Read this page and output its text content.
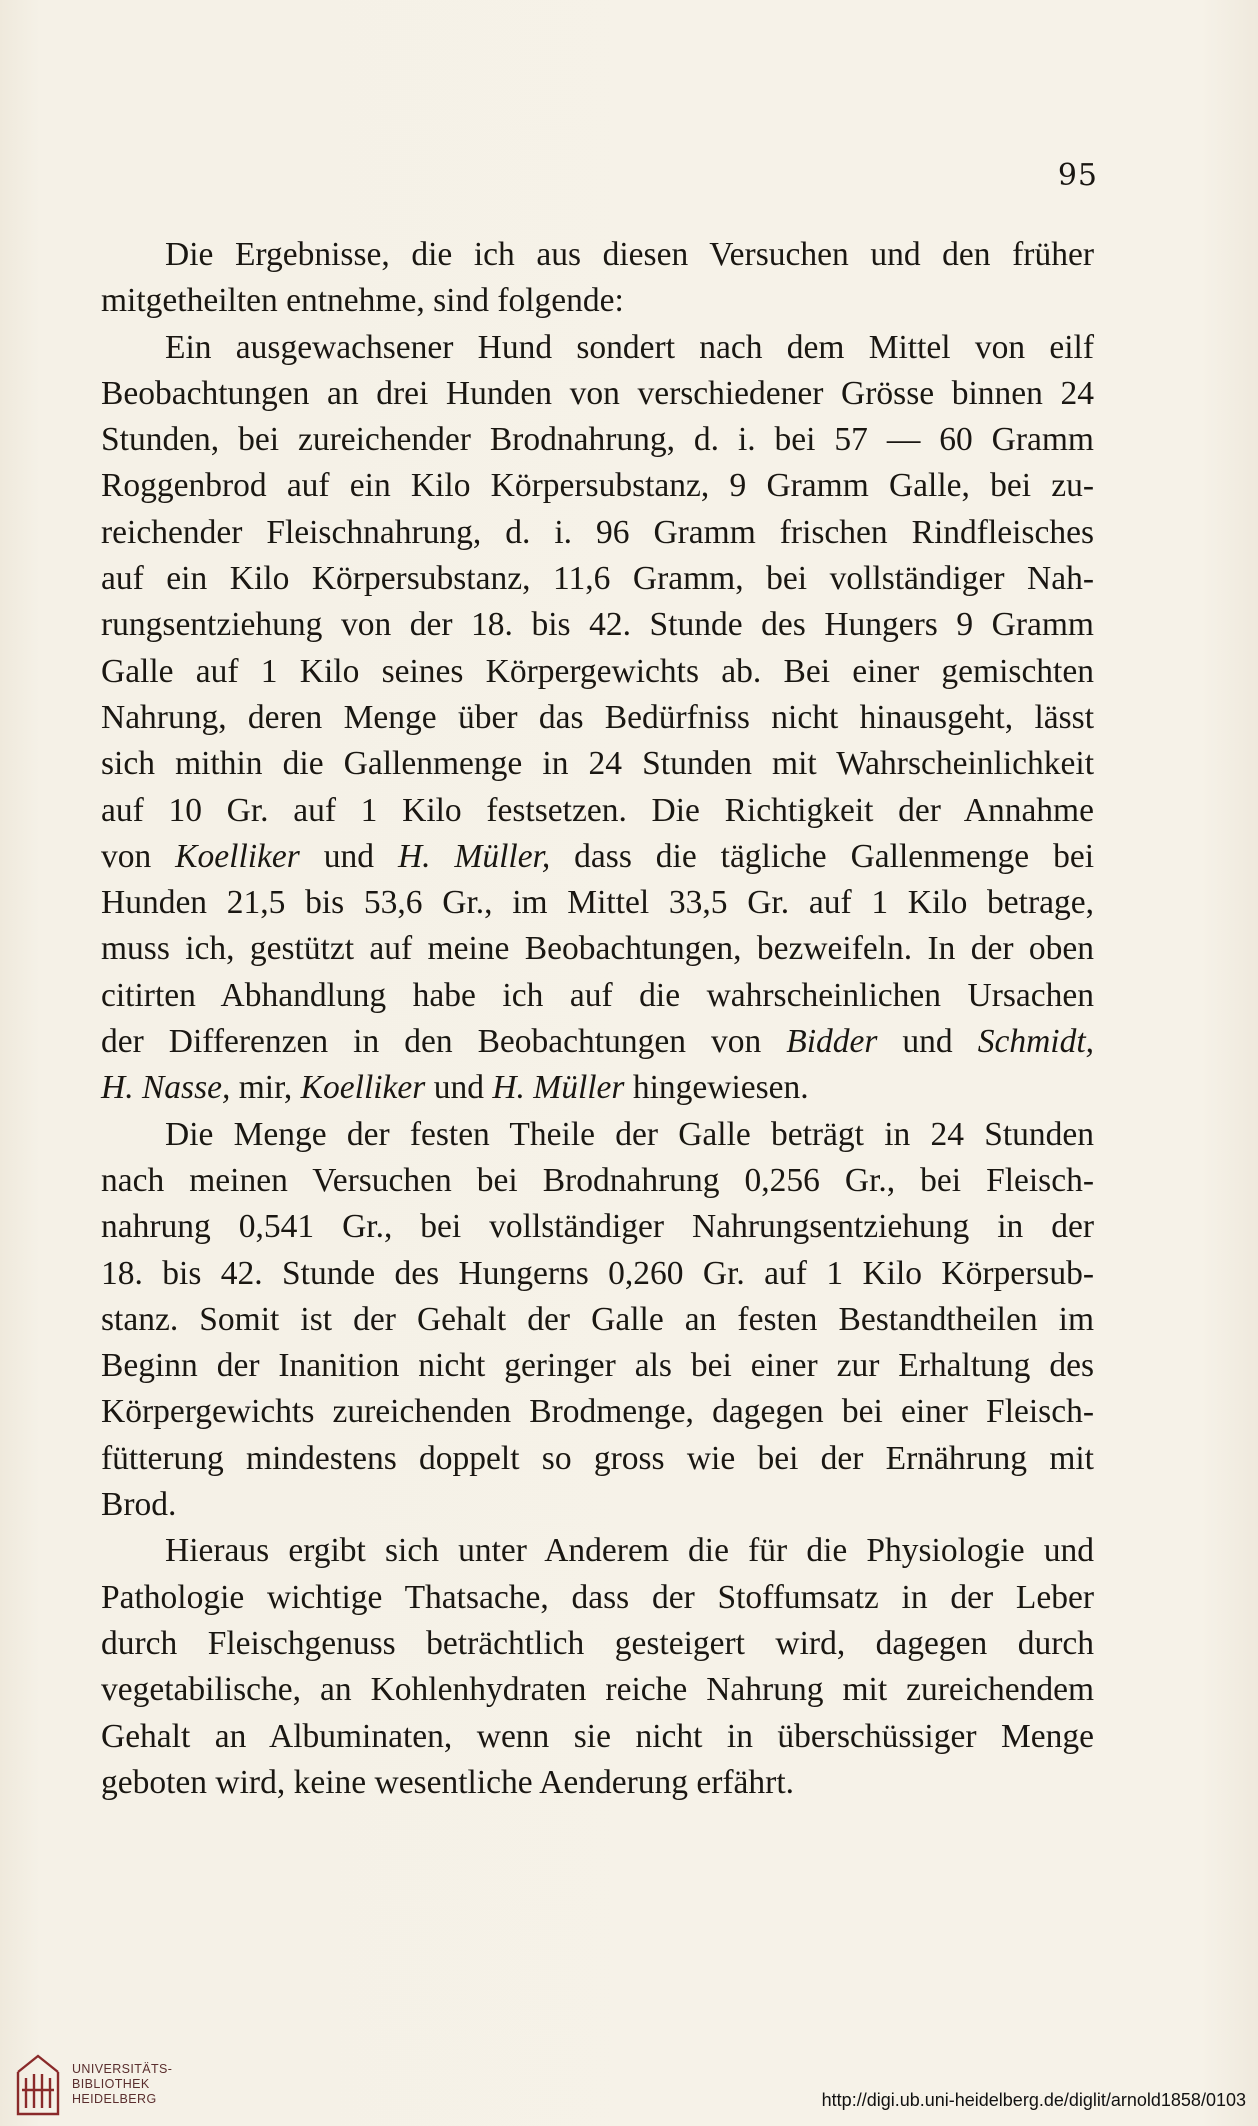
95
Die Ergebnisse, die ich aus diesen Versuchen und den früher
mitgetheilten entnehme, sind folgende:
Ein ausgewachsener Hund sondert nach dem Mittel von eilf
Beobachtungen an drei Hunden von verschiedener Grösse binnen 24
Stunden, bei zureichender Brodnahrung, d. i. bei 57 — 60 Gramm
Roggenbrod auf ein Kilo Körpersubstanz, 9 Gramm Galle, bei zu-
reichender Fleischnahrung, d. i. 96 Gramm frischen Rindfleisches
auf ein Kilo Körpersubstanz, 11,6 Gramm, bei vollständiger Nah-
rungsentziehung von der 18. bis 42. Stunde des Hungers 9 Gramm
Galle auf 1 Kilo seines Körpergewichts ab. Bei einer gemischten
Nahrung, deren Menge über das Bedürfniss nicht hinausgeht, lässt
sich mithin die Gallenmenge in 24 Stunden mit Wahrscheinlichkeit
auf 10 Gr. auf 1 Kilo festsetzen. Die Richtigkeit der Annahme
von Koelliker und H. Müller, dass die tägliche Gallenmenge bei
Hunden 21,5 bis 53,6 Gr., im Mittel 33,5 Gr. auf 1 Kilo betrage,
muss ich, gestützt auf meine Beobachtungen, bezweifeln. In der oben
citirten Abhandlung habe ich auf die wahrscheinlichen Ursachen
der Differenzen in den Beobachtungen von Bidder und Schmidt,
H. Nasse, mir, Koelliker und H. Müller hingewiesen.
Die Menge der festen Theile der Galle beträgt in 24 Stunden
nach meinen Versuchen bei Brodnahrung 0,256 Gr., bei Fleisch-
nahrung 0,541 Gr., bei vollständiger Nahrungsentziehung in der
18. bis 42. Stunde des Hungerns 0,260 Gr. auf 1 Kilo Körpersub-
stanz. Somit ist der Gehalt der Galle an festen Bestandtheilen im
Beginn der Inanition nicht geringer als bei einer zur Erhaltung des
Körpergewichts zureichenden Brodmenge, dagegen bei einer Fleisch-
fütterung mindestens doppelt so gross wie bei der Ernährung mit
Brod.
Hieraus ergibt sich unter Anderem die für die Physiologie und
Pathologie wichtige Thatsache, dass der Stoffumsatz in der Leber
durch Fleischgenuss beträchtlich gesteigert wird, dagegen durch
vegetabilische, an Kohlenhydraten reiche Nahrung mit zureichendem
Gehalt an Albuminaten, wenn sie nicht in überschüssiger Menge
geboten wird, keine wesentliche Aenderung erfährt.
UNIVERSITÄTS-
BIBLIOTHEK
HEIDELBERG	http://digi.ub.uni-heidelberg.de/diglit/arnold1858/0103
